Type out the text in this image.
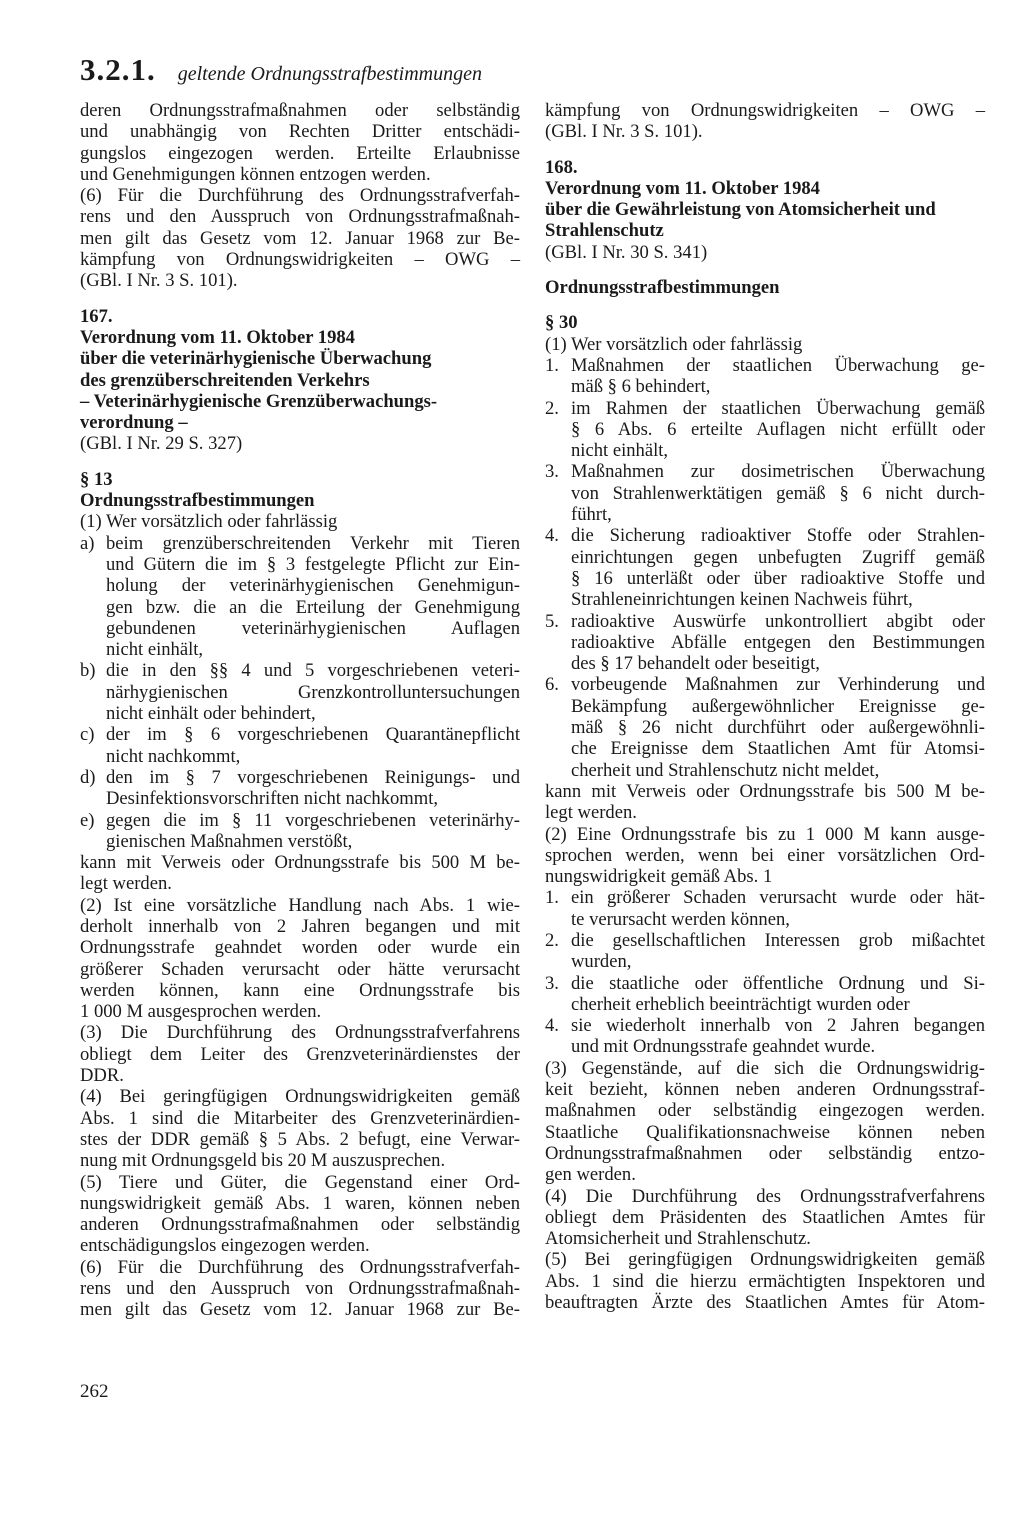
3.2.1. geltende Ordnungsstrafbestimmungen
deren Ordnungsstrafmaßnahmen oder selbständig
und unabhängig von Rechten Dritter entschädi-
gungslos eingezogen werden. Erteilte Erlaubnisse
und Genehmigungen können entzogen werden.
(6) Für die Durchführung des Ordnungsstrafverfah-
rens und den Ausspruch von Ordnungsstrafmaßnah-
men gilt das Gesetz vom 12. Januar 1968 zur Be-
kämpfung von Ordnungswidrigkeiten – OWG –
(GBl. I Nr. 3 S. 101).
167.
Verordnung vom 11. Oktober 1984
über die veterinärhygienische Überwachung
des grenzüberschreitenden Verkehrs
– Veterinärhygienische Grenzüberwachungs-
verordnung –
(GBl. I Nr. 29 S. 327)
§ 13
Ordnungsstrafbestimmungen
(1) Wer vorsätzlich oder fahrlässig
a) beim grenzüberschreitenden Verkehr mit Tieren
und Gütern die im § 3 festgelegte Pflicht zur Ein-
holung der veterinärhygienischen Genehmigun-
gen bzw. die an die Erteilung der Genehmigung
gebundenen veterinärhygienischen Auflagen
nicht einhält,
b) die in den §§ 4 und 5 vorgeschriebenen veteri-
närhygienischen Grenzkontrolluntersuchungen
nicht einhält oder behindert,
c) der im § 6 vorgeschriebenen Quarantänepflicht
nicht nachkommt,
d) den im § 7 vorgeschriebenen Reinigungs- und
Desinfektionsvorschriften nicht nachkommt,
e) gegen die im § 11 vorgeschriebenen veterinärhy-
gienischen Maßnahmen verstößt,
kann mit Verweis oder Ordnungsstrafe bis 500 M be-
legt werden.
(2) Ist eine vorsätzliche Handlung nach Abs. 1 wie-
derholt innerhalb von 2 Jahren begangen und mit
Ordnungsstrafe geahndet worden oder wurde ein
größerer Schaden verursacht oder hätte verursacht
werden können, kann eine Ordnungsstrafe bis
1 000 M ausgesprochen werden.
(3) Die Durchführung des Ordnungsstrafverfahrens
obliegt dem Leiter des Grenzveterinärdienstes der
DDR.
(4) Bei geringfügigen Ordnungswidrigkeiten gemäß
Abs. 1 sind die Mitarbeiter des Grenzveterinärdien-
stes der DDR gemäß § 5 Abs. 2 befugt, eine Verwar-
nung mit Ordnungsgeld bis 20 M auszusprechen.
(5) Tiere und Güter, die Gegenstand einer Ord-
nungswidrigkeit gemäß Abs. 1 waren, können neben
anderen Ordnungsstrafmaßnahmen oder selbständig
entschädigungslos eingezogen werden.
(6) Für die Durchführung des Ordnungsstrafverfah-
rens und den Ausspruch von Ordnungsstrafmaßnah-
men gilt das Gesetz vom 12. Januar 1968 zur Be-
kämpfung von Ordnungswidrigkeiten – OWG –
(GBl. I Nr. 3 S. 101).
168.
Verordnung vom 11. Oktober 1984
über die Gewährleistung von Atomsicherheit und
Strahlenschutz
(GBl. I Nr. 30 S. 341)
Ordnungsstrafbestimmungen
§ 30
(1) Wer vorsätzlich oder fahrlässig
1. Maßnahmen der staatlichen Überwachung ge-
mäß § 6 behindert,
2. im Rahmen der staatlichen Überwachung gemäß
§ 6 Abs. 6 erteilte Auflagen nicht erfüllt oder
nicht einhält,
3. Maßnahmen zur dosimetrischen Überwachung
von Strahlenwerktätigen gemäß § 6 nicht durch-
führt,
4. die Sicherung radioaktiver Stoffe oder Strahlen-
einrichtungen gegen unbefugten Zugriff gemäß
§ 16 unterläßt oder über radioaktive Stoffe und
Strahleneinrichtungen keinen Nachweis führt,
5. radioaktive Auswürfe unkontrolliert abgibt oder
radioaktive Abfälle entgegen den Bestimmungen
des § 17 behandelt oder beseitigt,
6. vorbeugende Maßnahmen zur Verhinderung und
Bekämpfung außergewöhnlicher Ereignisse ge-
mäß § 26 nicht durchführt oder außergewöhnli-
che Ereignisse dem Staatlichen Amt für Atomsi-
cherheit und Strahlenschutz nicht meldet,
kann mit Verweis oder Ordnungsstrafe bis 500 M be-
legt werden.
(2) Eine Ordnungsstrafe bis zu 1 000 M kann ausge-
sprochen werden, wenn bei einer vorsätzlichen Ord-
nungswidrigkeit gemäß Abs. 1
1. ein größerer Schaden verursacht wurde oder hät-
te verursacht werden können,
2. die gesellschaftlichen Interessen grob mißachtet
wurden,
3. die staatliche oder öffentliche Ordnung und Si-
cherheit erheblich beeinträchtigt wurden oder
4. sie wiederholt innerhalb von 2 Jahren begangen
und mit Ordnungsstrafe geahndet wurde.
(3) Gegenstände, auf die sich die Ordnungswidrig-
keit bezieht, können neben anderen Ordnungsstraf-
maßnahmen oder selbständig eingezogen werden.
Staatliche Qualifikationsnachweise können neben
Ordnungsstrafmaßnahmen oder selbständig entzo-
gen werden.
(4) Die Durchführung des Ordnungsstrafverfahrens
obliegt dem Präsidenten des Staatlichen Amtes für
Atomsicherheit und Strahlenschutz.
(5) Bei geringfügigen Ordnungswidrigkeiten gemäß
Abs. 1 sind die hierzu ermächtigten Inspektoren und
beauftragten Ärzte des Staatlichen Amtes für Atom-
262
